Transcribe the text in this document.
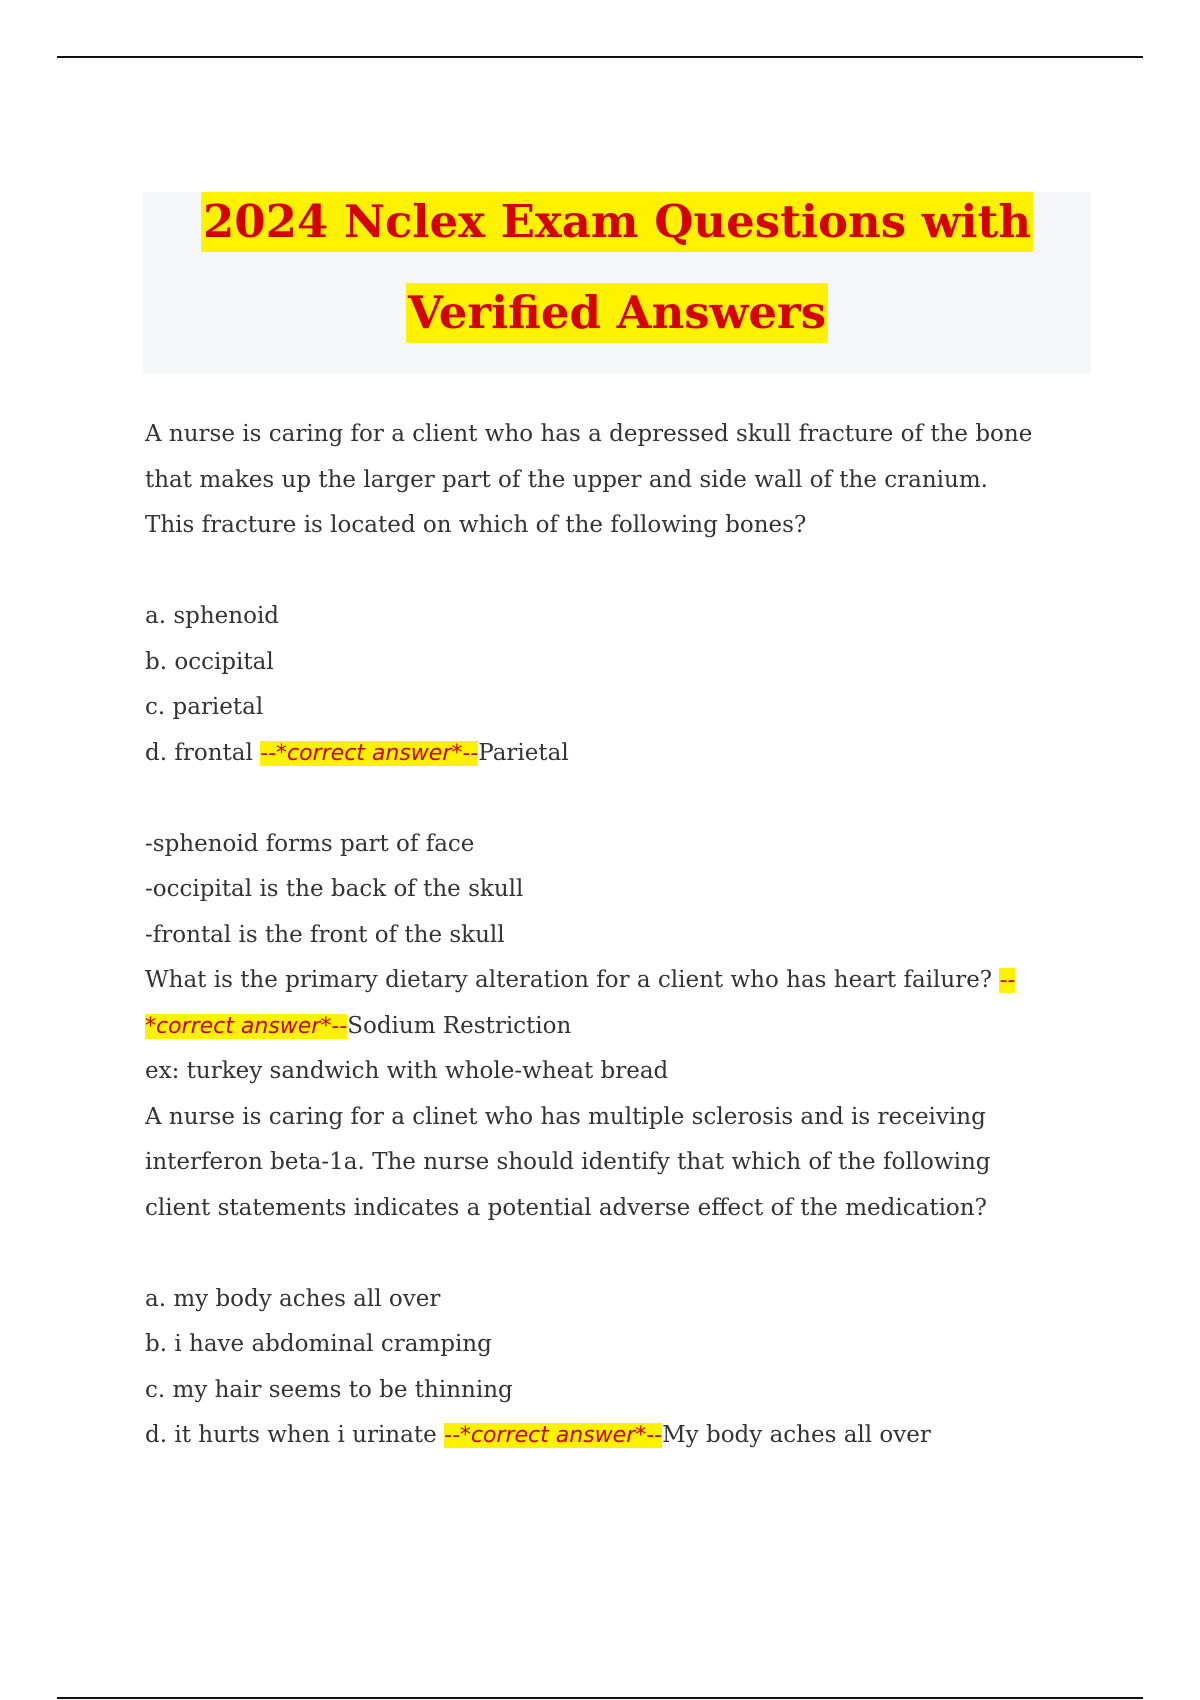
2024 Nclex Exam Questions with
Verified Answers
A nurse is caring for a client who has a depressed skull fracture of the bone
that makes up the larger part of the upper and side wall of the cranium.
This fracture is located on which of the following bones?
a. sphenoid
b. occipital
c. parietal
d. frontal --*correct answer*--Parietal
-sphenoid forms part of face
-occipital is the back of the skull
-frontal is the front of the skull
What is the primary dietary alteration for a client who has heart failure? --
*correct answer*--Sodium Restriction
ex: turkey sandwich with whole-wheat bread
A nurse is caring for a clinet who has multiple sclerosis and is receiving
interferon beta-1a. The nurse should identify that which of the following
client statements indicates a potential adverse effect of the medication?
a. my body aches all over
b. i have abdominal cramping
c. my hair seems to be thinning
d. it hurts when i urinate --*correct answer*--My body aches all over
